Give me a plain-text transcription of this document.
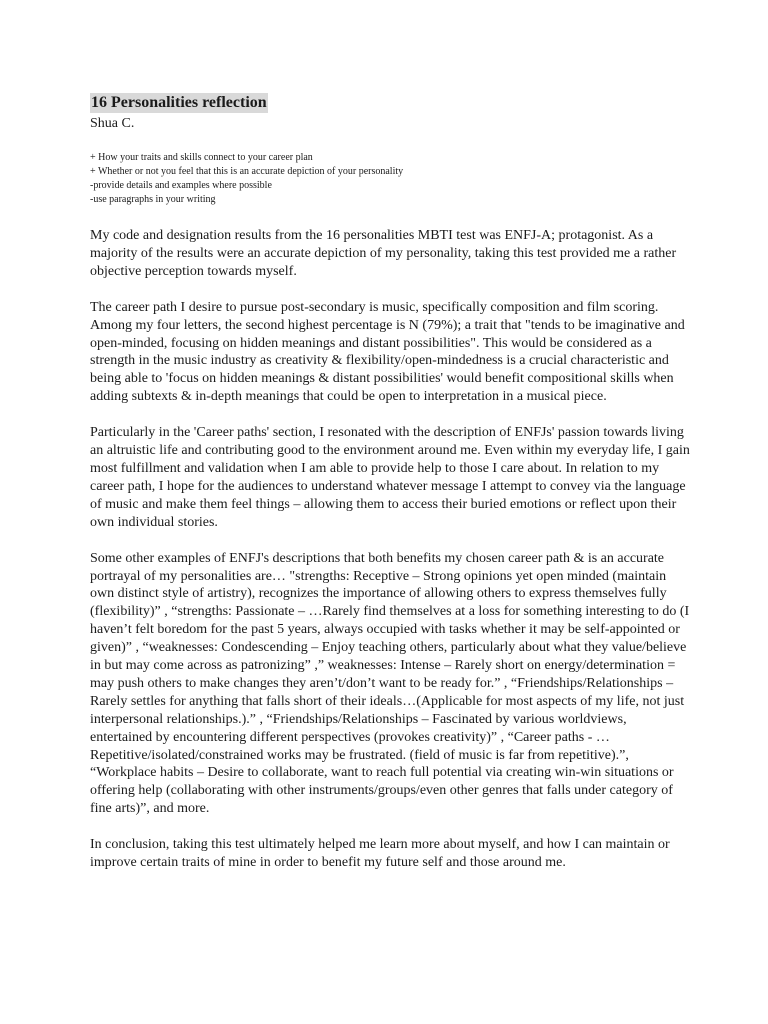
16 Personalities reflection
Shua C.
+ How your traits and skills connect to your career plan
+ Whether or not you feel that this is an accurate depiction of your personality
-provide details and examples where possible
-use paragraphs in your writing

My code and designation results from the 16 personalities MBTI test was ENFJ-A; protagonist. As a majority of the results were an accurate depiction of my personality, taking this test provided me a rather objective perception towards myself.

The career path I desire to pursue post-secondary is music, specifically composition and film scoring. Among my four letters, the second highest percentage is N (79%); a trait that "tends to be imaginative and open-minded, focusing on hidden meanings and distant possibilities". This would be considered as a strength in the music industry as creativity & flexibility/open-mindedness is a crucial characteristic and being able to 'focus on hidden meanings & distant possibilities' would benefit compositional skills when adding subtexts & in-depth meanings that could be open to interpretation in a musical piece.

Particularly in the 'Career paths' section, I resonated with the description of ENFJs' passion towards living an altruistic life and contributing good to the environment around me. Even within my everyday life, I gain most fulfillment and validation when I am able to provide help to those I care about. In relation to my career path, I hope for the audiences to understand whatever message I attempt to convey via the language of music and make them feel things – allowing them to access their buried emotions or reflect upon their own individual stories.

Some other examples of ENFJ's descriptions that both benefits my chosen career path & is an accurate portrayal of my personalities are… "strengths: Receptive – Strong opinions yet open minded (maintain own distinct style of artistry), recognizes the importance of allowing others to express themselves fully (flexibility)” , “strengths: Passionate – …Rarely find themselves at a loss for something interesting to do (I haven’t felt boredom for the past 5 years, always occupied with tasks whether it may be self-appointed or given)” , “weaknesses: Condescending – Enjoy teaching others, particularly about what they value/believe in but may come across as patronizing” ,” weaknesses: Intense – Rarely short on energy/determination = may push others to make changes they aren’t/don’t want to be ready for.” , “Friendships/Relationships – Rarely settles for anything that falls short of their ideals…(Applicable for most aspects of my life, not just interpersonal relationships.).” , “Friendships/Relationships – Fascinated by various worldviews, entertained by encountering different perspectives (provokes creativity)” , “Career paths - …Repetitive/isolated/constrained works may be frustrated. (field of music is far from repetitive).”, “Workplace habits – Desire to collaborate, want to reach full potential via creating win-win situations or offering help (collaborating with other instruments/groups/even other genres that falls under category of fine arts)”, and more.

In conclusion, taking this test ultimately helped me learn more about myself, and how I can maintain or improve certain traits of mine in order to benefit my future self and those around me.
